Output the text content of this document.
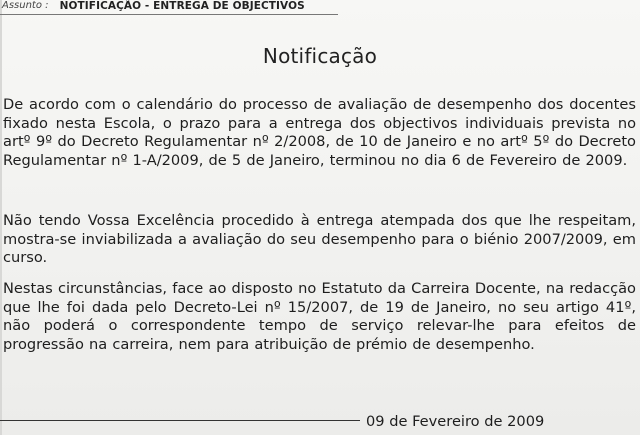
$^{Assunto :}$ $^{NOTIFICAÇÃO - ENTREGA DE OBJECTIVOS}$
Notificação

De acordo com o calendário do processo de avaliação de desempenho dos docentes fixado nesta Escola, o prazo para a entrega dos objectivos individuais prevista no artº 9º do Decreto Regulamentar nº 2/2008, de 10 de Janeiro e no artº 5º do Decreto Regulamentar nº 1-A/2009, de 5 de Janeiro, terminou no dia 6 de Fevereiro de 2009.

Não tendo Vossa Excelência procedido à entrega atempada dos que lhe respeitam, mostra-se inviabilizada a avaliação do seu desempenho para o biénio 2007/2009, em curso.

Nestas circunstâncias, face ao disposto no Estatuto da Carreira Docente, na redacção que lhe foi dada pelo Decreto-Lei nº 15/2007, de 19 de Janeiro, no seu artigo 41º, não poderá o correspondente tempo de serviço relevar-lhe para efeitos de progressão na carreira, nem para atribuição de prémio de desempenho.

09 de Fevereiro de 2009
